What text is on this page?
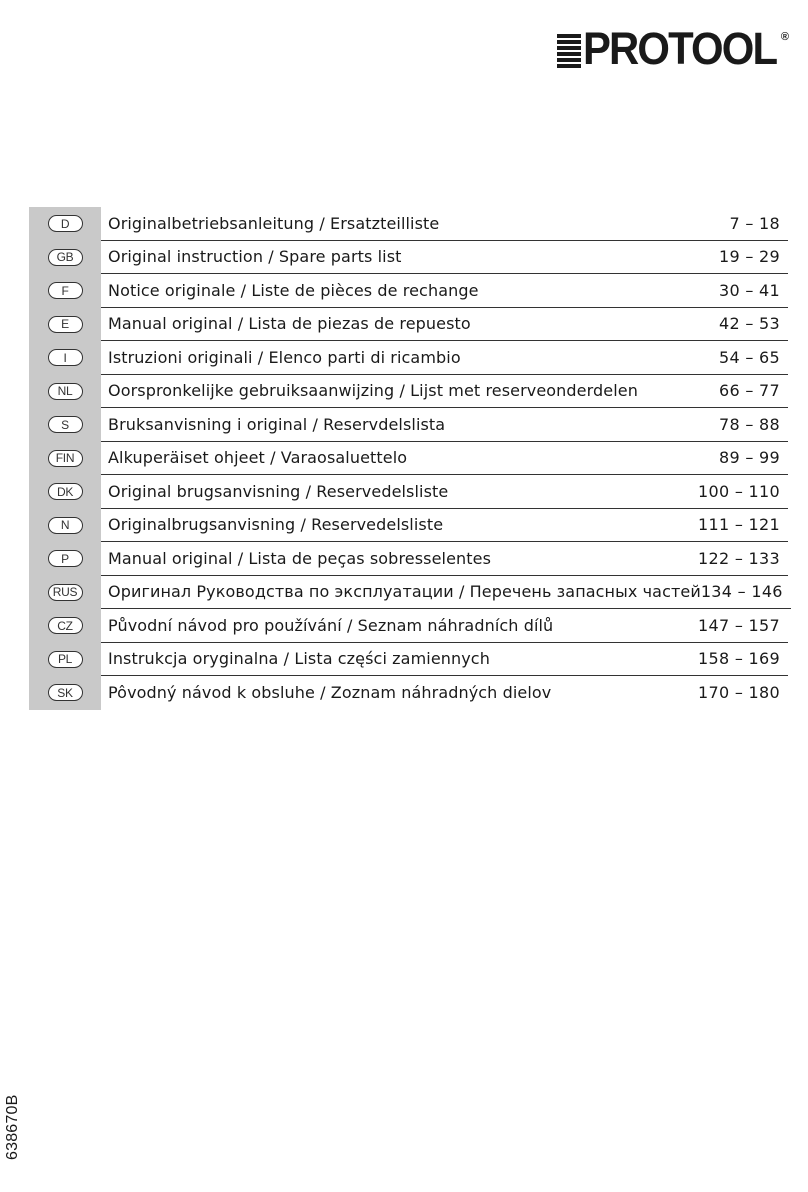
PROTOOL ®
D	Originalbetriebsanleitung / Ersatzteilliste	7 – 18
GB	Original instruction / Spare parts list	19 – 29
F	Notice originale / Liste de pièces de rechange	30 – 41
E	Manual original / Lista de piezas de repuesto	42 – 53
I	Istruzioni originali / Elenco parti di ricambio	54 – 65
NL	Oorspronkelijke gebruiksaanwijzing / Lijst met reserveonderdelen	66 – 77
S	Bruksanvisning i original / Reservdelslista	78 – 88
FIN	Alkuperäiset ohjeet / Varaosaluettelo	89 – 99
DK	Original brugsanvisning / Reservedelsliste	100 – 110
N	Originalbrugsanvisning / Reservedelsliste	111 – 121
P	Manual original / Lista de peças sobresselentes	122 – 133
RUS	Оригинал Руководства по эксплуатации / Перечень запасных частей 134 – 146
CZ	Původní návod pro používání / Seznam náhradních dílů	147 – 157
PL	Instrukcja oryginalna / Lista części zamiennych	158 – 169
SK	Pôvodný návod k obsluhe / Zoznam náhradných dielov	170 – 180
638670B
